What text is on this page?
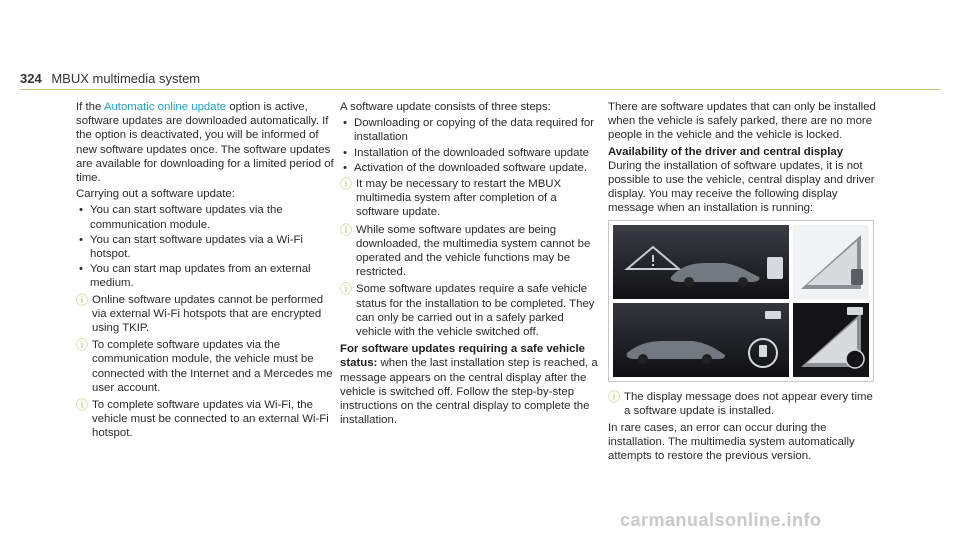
324 MBUX multimedia system

If the Automatic online update option is active, software updates are downloaded automatically. If the option is deactivated, you will be informed of new software updates once. The software updates are available for downloading for a limited period of time.

Carrying out a software update:

• You can start software updates via the communication module.
• You can start software updates via a Wi-Fi hotspot.
• You can start map updates from an external medium.
ⓘ Online software updates cannot be performed via external Wi-Fi hotspots that are encrypted using TKIP.
ⓘ To complete software updates via the communication module, the vehicle must be connected with the Internet and a Mercedes me user account.
ⓘ To complete software updates via Wi-Fi, the vehicle must be connected to an external Wi-Fi hotspot.

A software update consists of three steps:

• Downloading or copying of the data required for installation
• Installation of the downloaded software update
• Activation of the downloaded software update.
ⓘ It may be necessary to restart the MBUX multimedia system after completion of a software update.
ⓘ While some software updates are being downloaded, the multimedia system cannot be operated and the vehicle functions may be restricted.
ⓘ Some software updates require a safe vehicle status for the installation to be completed. They can only be carried out in a safely parked vehicle with the vehicle switched off.

For software updates requiring a safe vehicle status: when the last installation step is reached, a message appears on the central display after the vehicle is switched off. Follow the step-by-step instructions on the central display to complete the installation.

There are software updates that can only be installed when the vehicle is safely parked, there are no more people in the vehicle and the vehicle is locked.

Availability of the driver and central display

During the installation of software updates, it is not possible to use the vehicle, central display and driver display. You may receive the following display message when an installation is running:

ⓘ The display message does not appear every time a software update is installed.

In rare cases, an error can occur during the installation. The multimedia system automatically attempts to restore the previous version.

carmanualsonline.info
